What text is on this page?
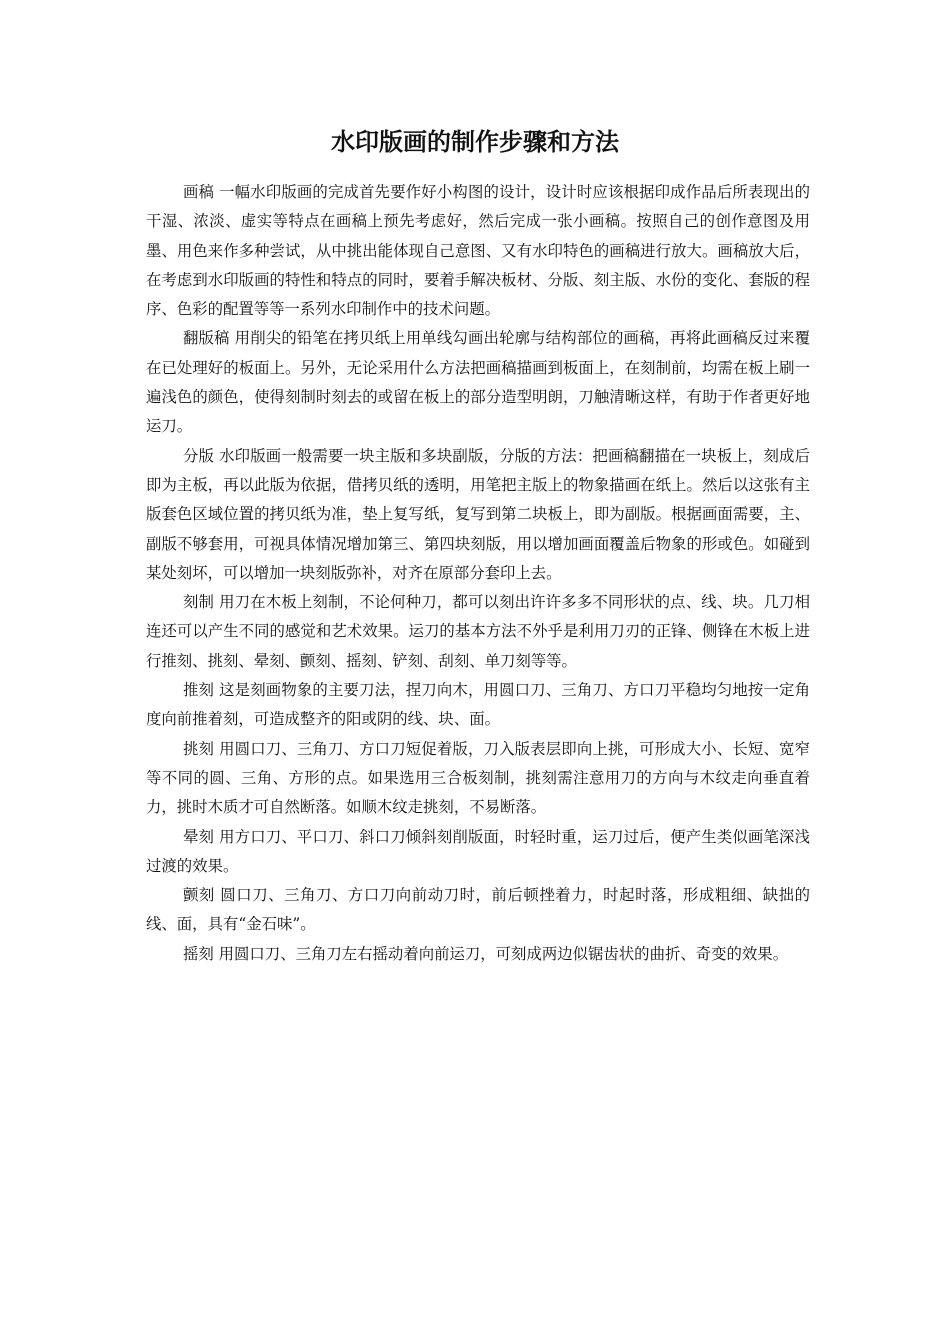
水印版画的制作步骤和方法

画稿 一幅水印版画的完成首先要作好小构图的设计，设计时应该根据印成作品后所表现出的干湿、浓淡、虚实等特点在画稿上预先考虑好，然后完成一张小画稿。按照自己的创作意图及用墨、用色来作多种尝试，从中挑出能体现自己意图、又有水印特色的画稿进行放大。画稿放大后，在考虑到水印版画的特性和特点的同时，要着手解决板材、分版、刻主版、水份的变化、套版的程序、色彩的配置等等一系列水印制作中的技术问题。

翻版稿 用削尖的铅笔在拷贝纸上用单线勾画出轮廓与结构部位的画稿，再将此画稿反过来覆在已处理好的板面上。另外，无论采用什么方法把画稿描画到板面上，在刻制前，均需在板上刷一遍浅色的颜色，使得刻制时刻去的或留在板上的部分造型明朗，刀触清晰这样，有助于作者更好地运刀。

分版 水印版画一般需要一块主版和多块副版，分版的方法：把画稿翻描在一块板上，刻成后即为主板，再以此版为依据，借拷贝纸的透明，用笔把主版上的物象描画在纸上。然后以这张有主版套色区域位置的拷贝纸为准，垫上复写纸，复写到第二块板上，即为副版。根据画面需要，主、副版不够套用，可视具体情况增加第三、第四块刻版，用以增加画面覆盖后物象的形或色。如碰到某处刻坏，可以增加一块刻版弥补，对齐在原部分套印上去。

刻制 用刀在木板上刻制，不论何种刀，都可以刻出许许多多不同形状的点、线、块。几刀相连还可以产生不同的感觉和艺术效果。运刀的基本方法不外乎是利用刀刃的正锋、侧锋在木板上进行推刻、挑刻、晕刻、颤刻、摇刻、铲刻、刮刻、单刀刻等等。

推刻 这是刻画物象的主要刀法，捏刀向木，用圆口刀、三角刀、方口刀平稳均匀地按一定角度向前推着刻，可造成整齐的阳或阴的线、块、面。

挑刻 用圆口刀、三角刀、方口刀短促着版，刀入版表层即向上挑，可形成大小、长短、宽窄等不同的圆、三角、方形的点。如果选用三合板刻制，挑刻需注意用刀的方向与木纹走向垂直着力，挑时木质才可自然断落。如顺木纹走挑刻，不易断落。

晕刻 用方口刀、平口刀、斜口刀倾斜刻削版面，时轻时重，运刀过后，便产生类似画笔深浅过渡的效果。

颤刻 圆口刀、三角刀、方口刀向前动刀时，前后顿挫着力，时起时落，形成粗细、缺拙的线、面，具有“金石味”。

摇刻 用圆口刀、三角刀左右摇动着向前运刀，可刻成两边似锯齿状的曲折、奇变的效果。
